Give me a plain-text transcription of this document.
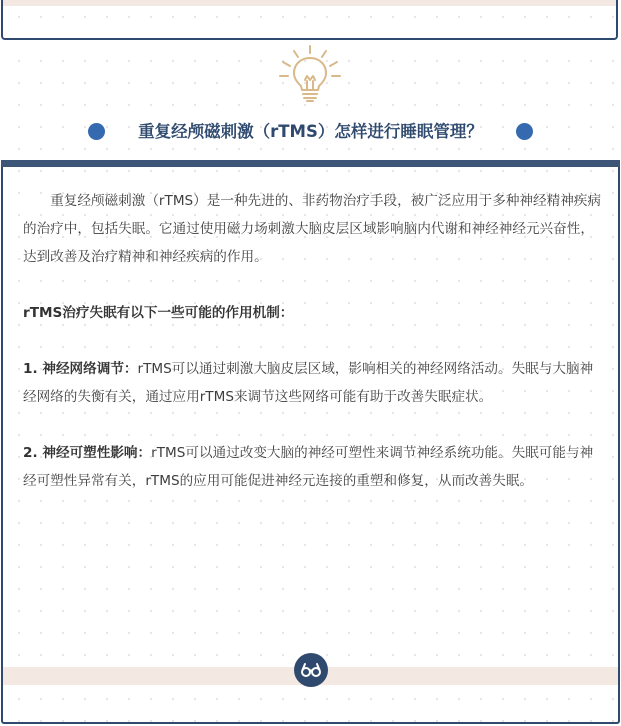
重复经颅磁刺激（rTMS）怎样进行睡眠管理？

重复经颅磁刺激（rTMS）是一种先进的、非药物治疗手段，被广泛应用于多种神经精神疾病的治疗中，包括失眠。它通过使用磁力场刺激大脑皮层区域影响脑内代谢和神经神经元兴奋性，达到改善及治疗精神和神经疾病的作用。

rTMS治疗失眠有以下一些可能的作用机制：

1. 神经网络调节：rTMS可以通过刺激大脑皮层区域，影响相关的神经网络活动。失眠与大脑神经网络的失衡有关，通过应用rTMS来调节这些网络可能有助于改善失眠症状。

2. 神经可塑性影响：rTMS可以通过改变大脑的神经可塑性来调节神经系统功能。失眠可能与神经可塑性异常有关，rTMS的应用可能促进神经元连接的重塑和修复，从而改善失眠。
